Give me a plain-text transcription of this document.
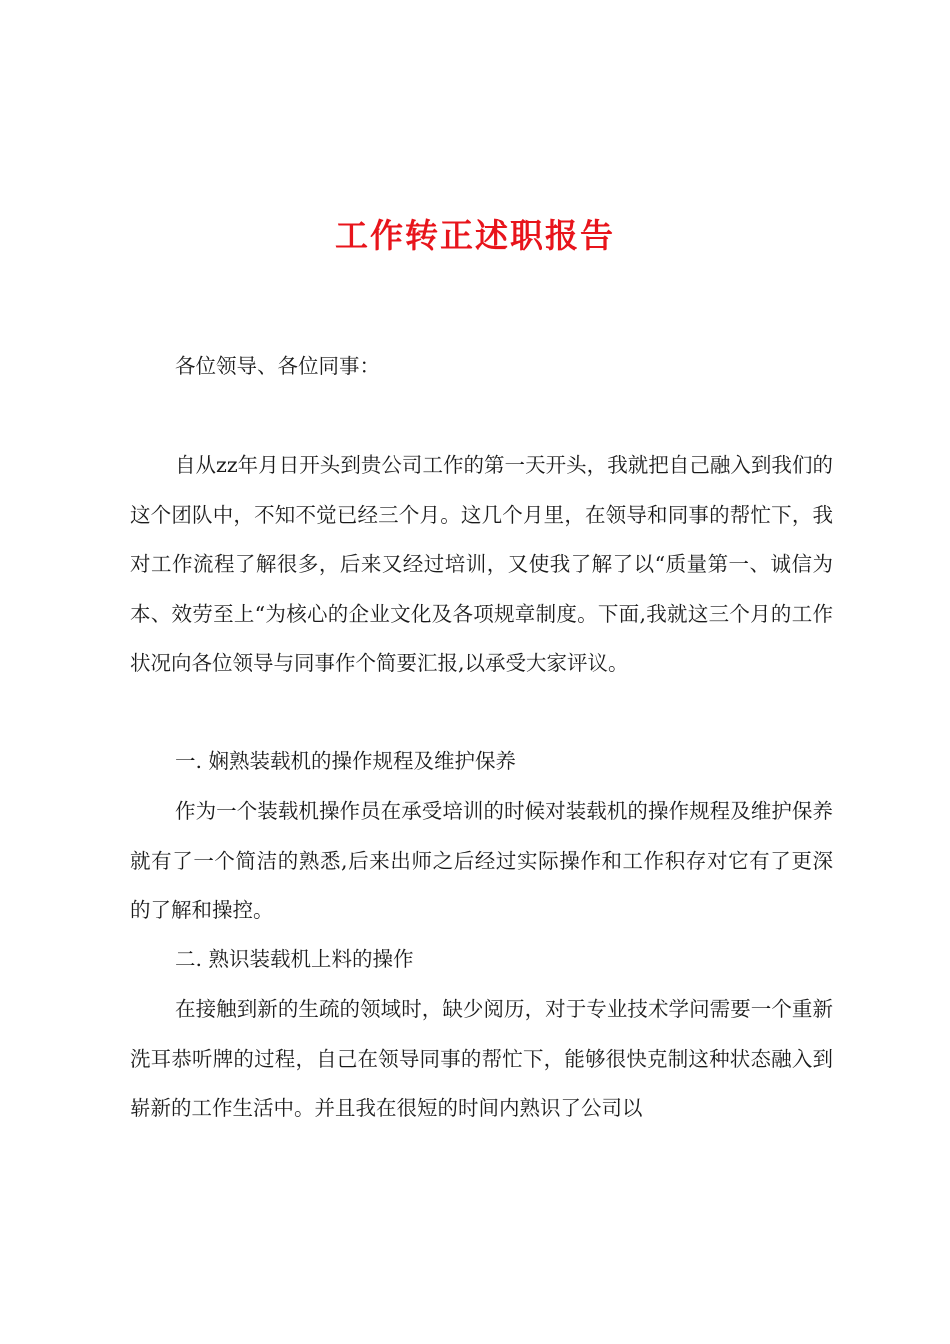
工作转正述职报告

各位领导、各位同事：

自从zz年月日开头到贵公司工作的第一天开头，我就把自己融入到我们的这个团队中，不知不觉已经三个月。这几个月里，在领导和同事的帮忙下，我对工作流程了解很多，后来又经过培训，又使我了解了以“质量第一、诚信为本、效劳至上“为核心的企业文化及各项规章制度。下面,我就这三个月的工作状况向各位领导与同事作个简要汇报,以承受大家评议。

一. 娴熟装载机的操作规程及维护保养

作为一个装载机操作员在承受培训的时候对装载机的操作规程及维护保养就有了一个简洁的熟悉,后来出师之后经过实际操作和工作积存对它有了更深的了解和操控。

二. 熟识装载机上料的操作

在接触到新的生疏的领域时，缺少阅历，对于专业技术学问需要一个重新洗耳恭听牌的过程，自己在领导同事的帮忙下，能够很快克制这种状态融入到崭新的工作生活中。并且我在很短的时间内熟识了公司以
